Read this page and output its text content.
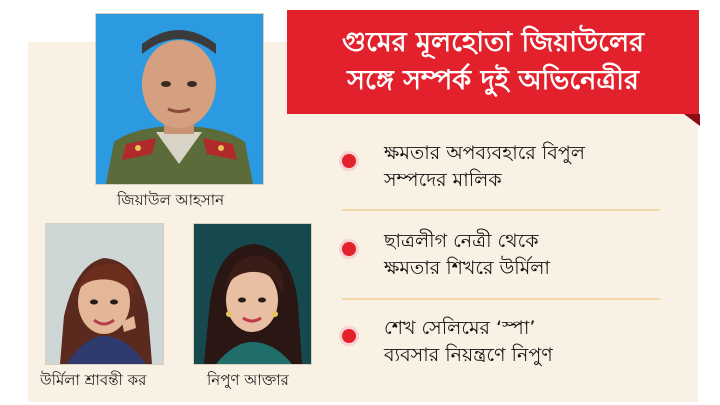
জিয়াউল আহসান
উর্মিলা শ্রাবন্তী কর	নিপুণ আক্তার
গুমের মূলহোতা জিয়াউলের
সঙ্গে সম্পর্ক দুই অভিনেত্রীর
ক্ষমতার অপব্যবহারে বিপুল
সম্পদের মালিক
ছাত্রলীগ নেত্রী থেকে
ক্ষমতার শিখরে উর্মিলা
শেখ সেলিমের ‘স্পা’
ব্যবসার নিয়ন্ত্রণে নিপুণ
